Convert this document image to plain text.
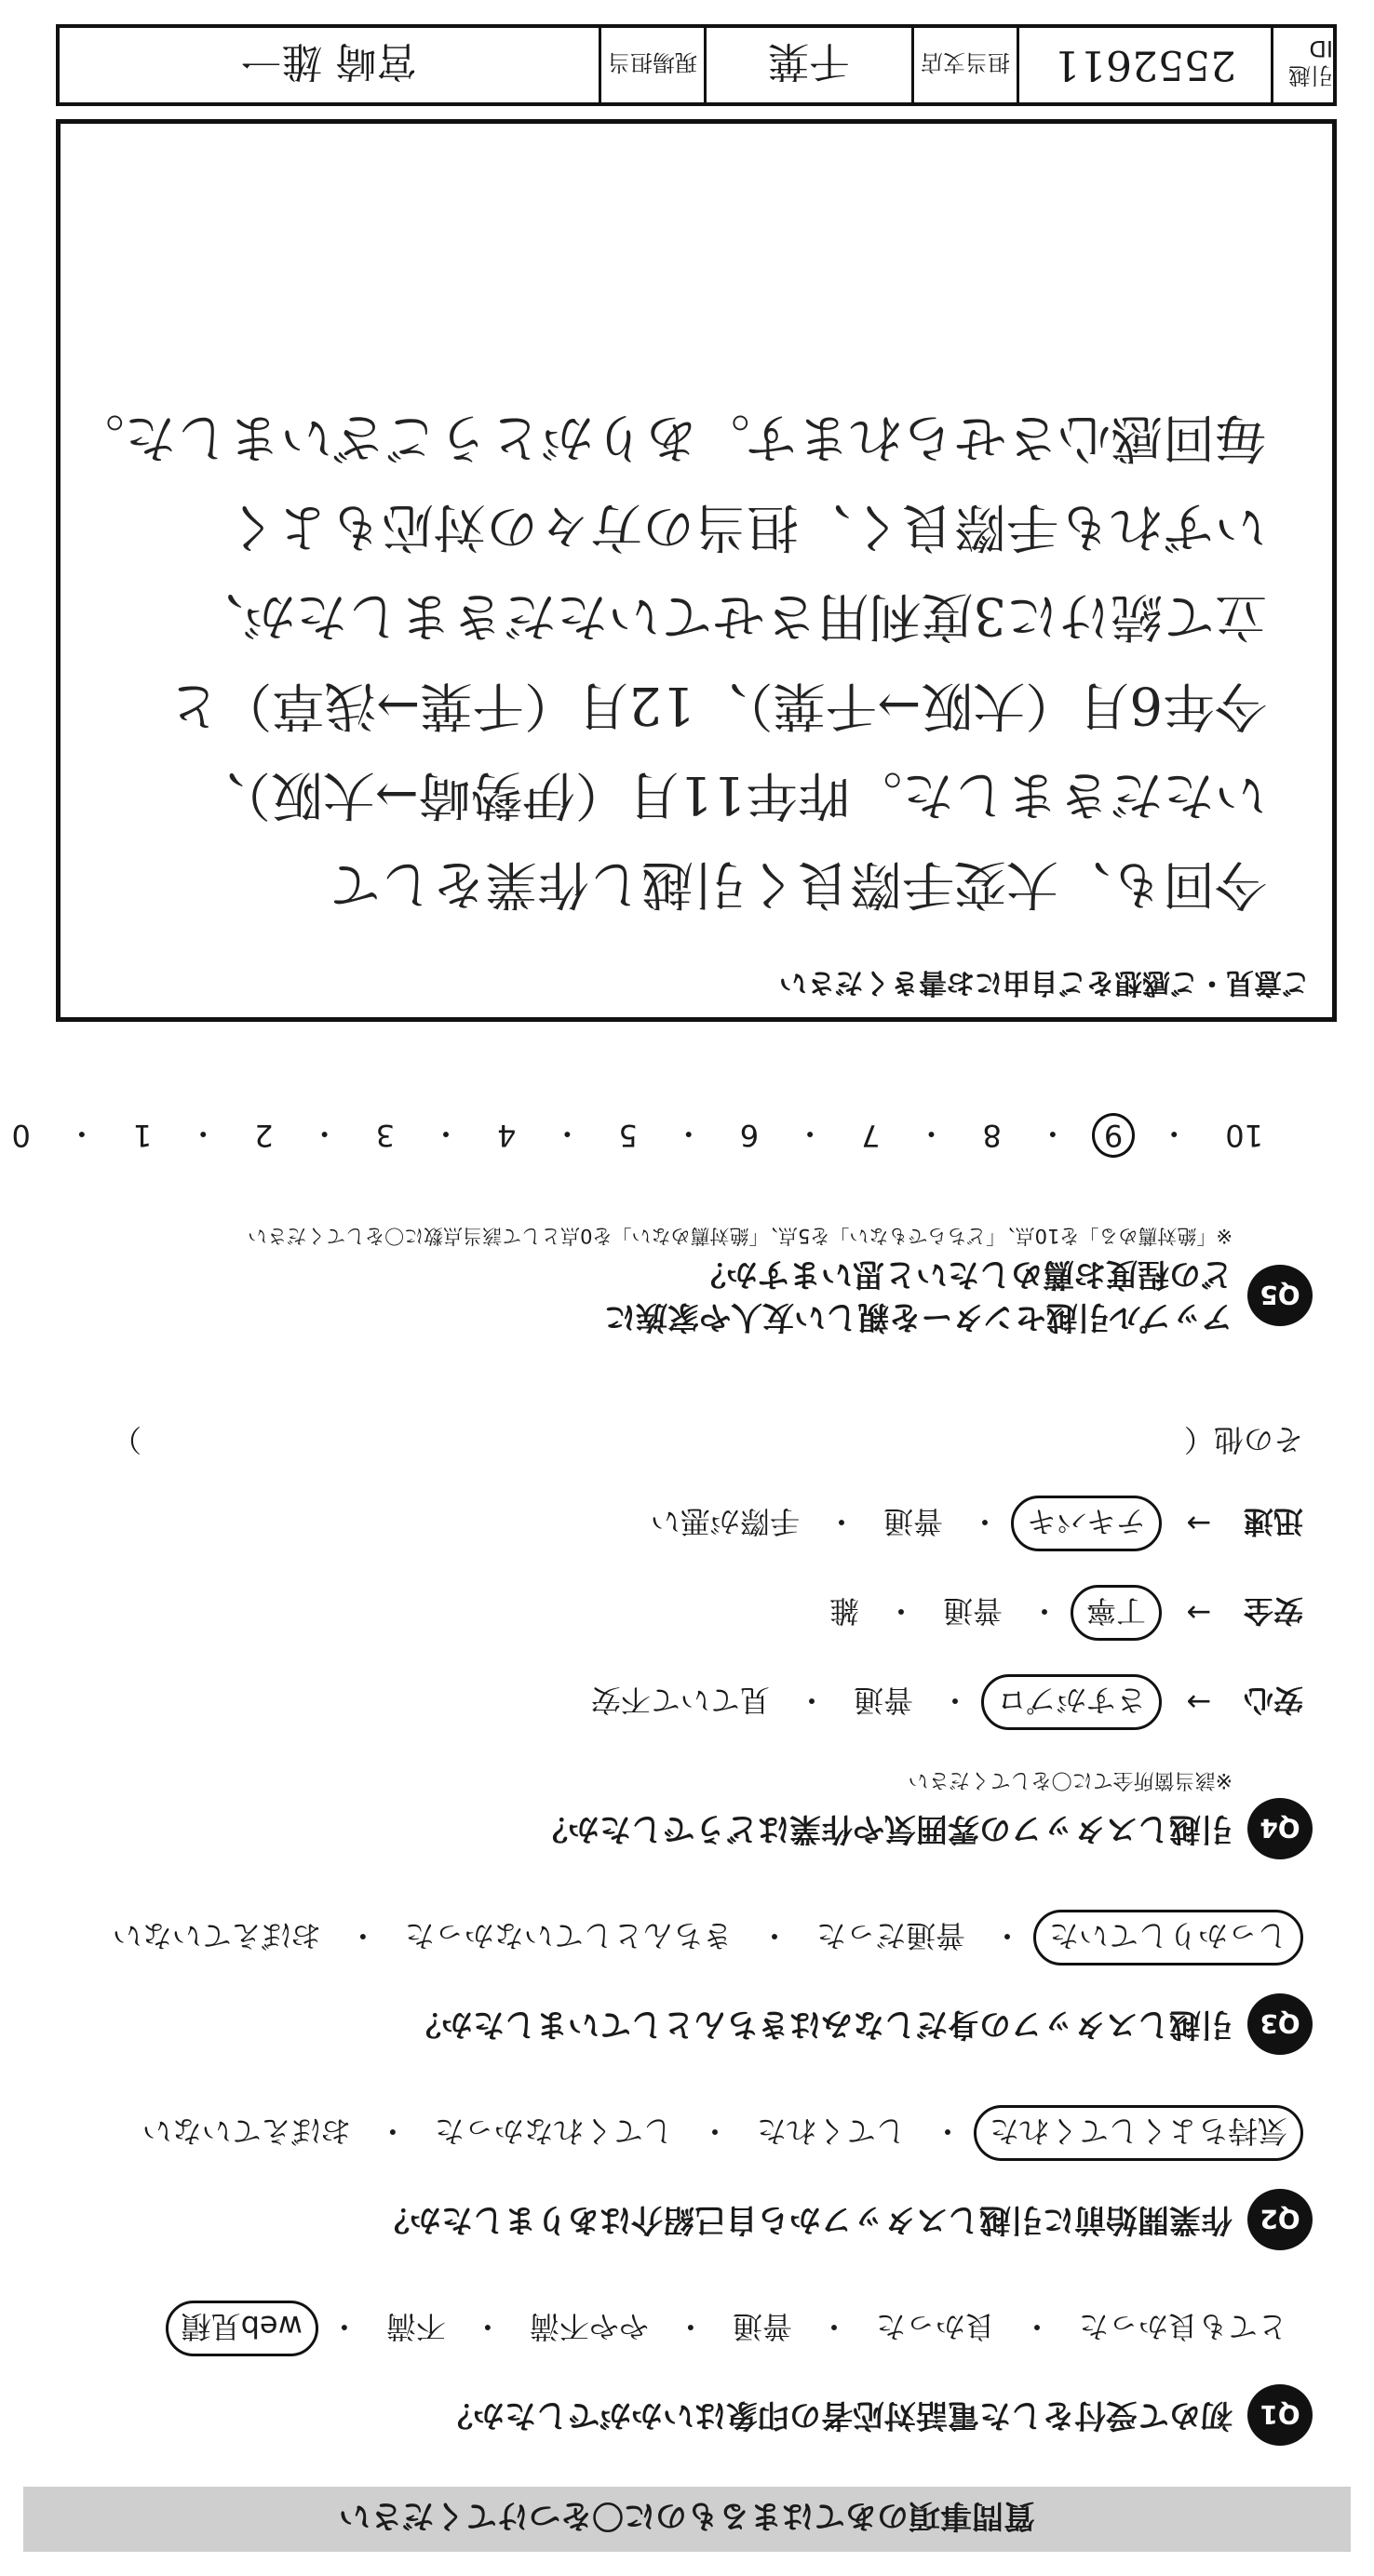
質問事項のあてはまるものに〇をつけてください
Q1
初めて受付をした電話対応者の印象はいかがでしたか？
とても良かった
・
良かった
・
普通
・
やや不満
・
不満
・
web見積
Q2
作業開始前に引越しスタッフから自己紹介はありましたか？
気持ちよくしてくれた
・
してくれた
・
してくれなかった
・
おぼえていない
Q3
引越しスタッフの身だしなみはきちんとしていましたか？
しっかりしていた
・
普通だった
・
きちんとしていなかった
・
おぼえていない
Q4
引越しスタッフの雰囲気や作業はどうでしたか？
※該当箇所全てに〇をしてください
安心
→
さすがプロ
・
普通
・
見ていて不安
安全
→
丁寧
・
普通
・
雑
迅速
→
テキパキ
・
普通
・
手際が悪い
その他（
）
Q5
アップル引越センターを親しい友人や家族に
どの程度お薦めしたいと思いますか？
※「絶対薦める」を10点、「どちらでもない」を5点、「絶対薦めない」を0点として該当点数に〇をしてください
10
・
9
・
8
・
7
・
6
・
5
・
4
・
3
・
2
・
1
・
0
ご意見・ご感想をご自由にお書きください
今回も、大変手際良く引越し作業をして
いただきました。昨年11月（伊勢崎→大阪）、
今年6月（大阪→千葉）、12月（千葉→浅草）と
立て続けに3度利用させていただきましたが、
いずれも手際良く、担当の方々の対応もよく
毎回感心させられます。ありがとうございました。
引越ID
2552611
担当支店
千葉
現場担当
宮崎 雄一
